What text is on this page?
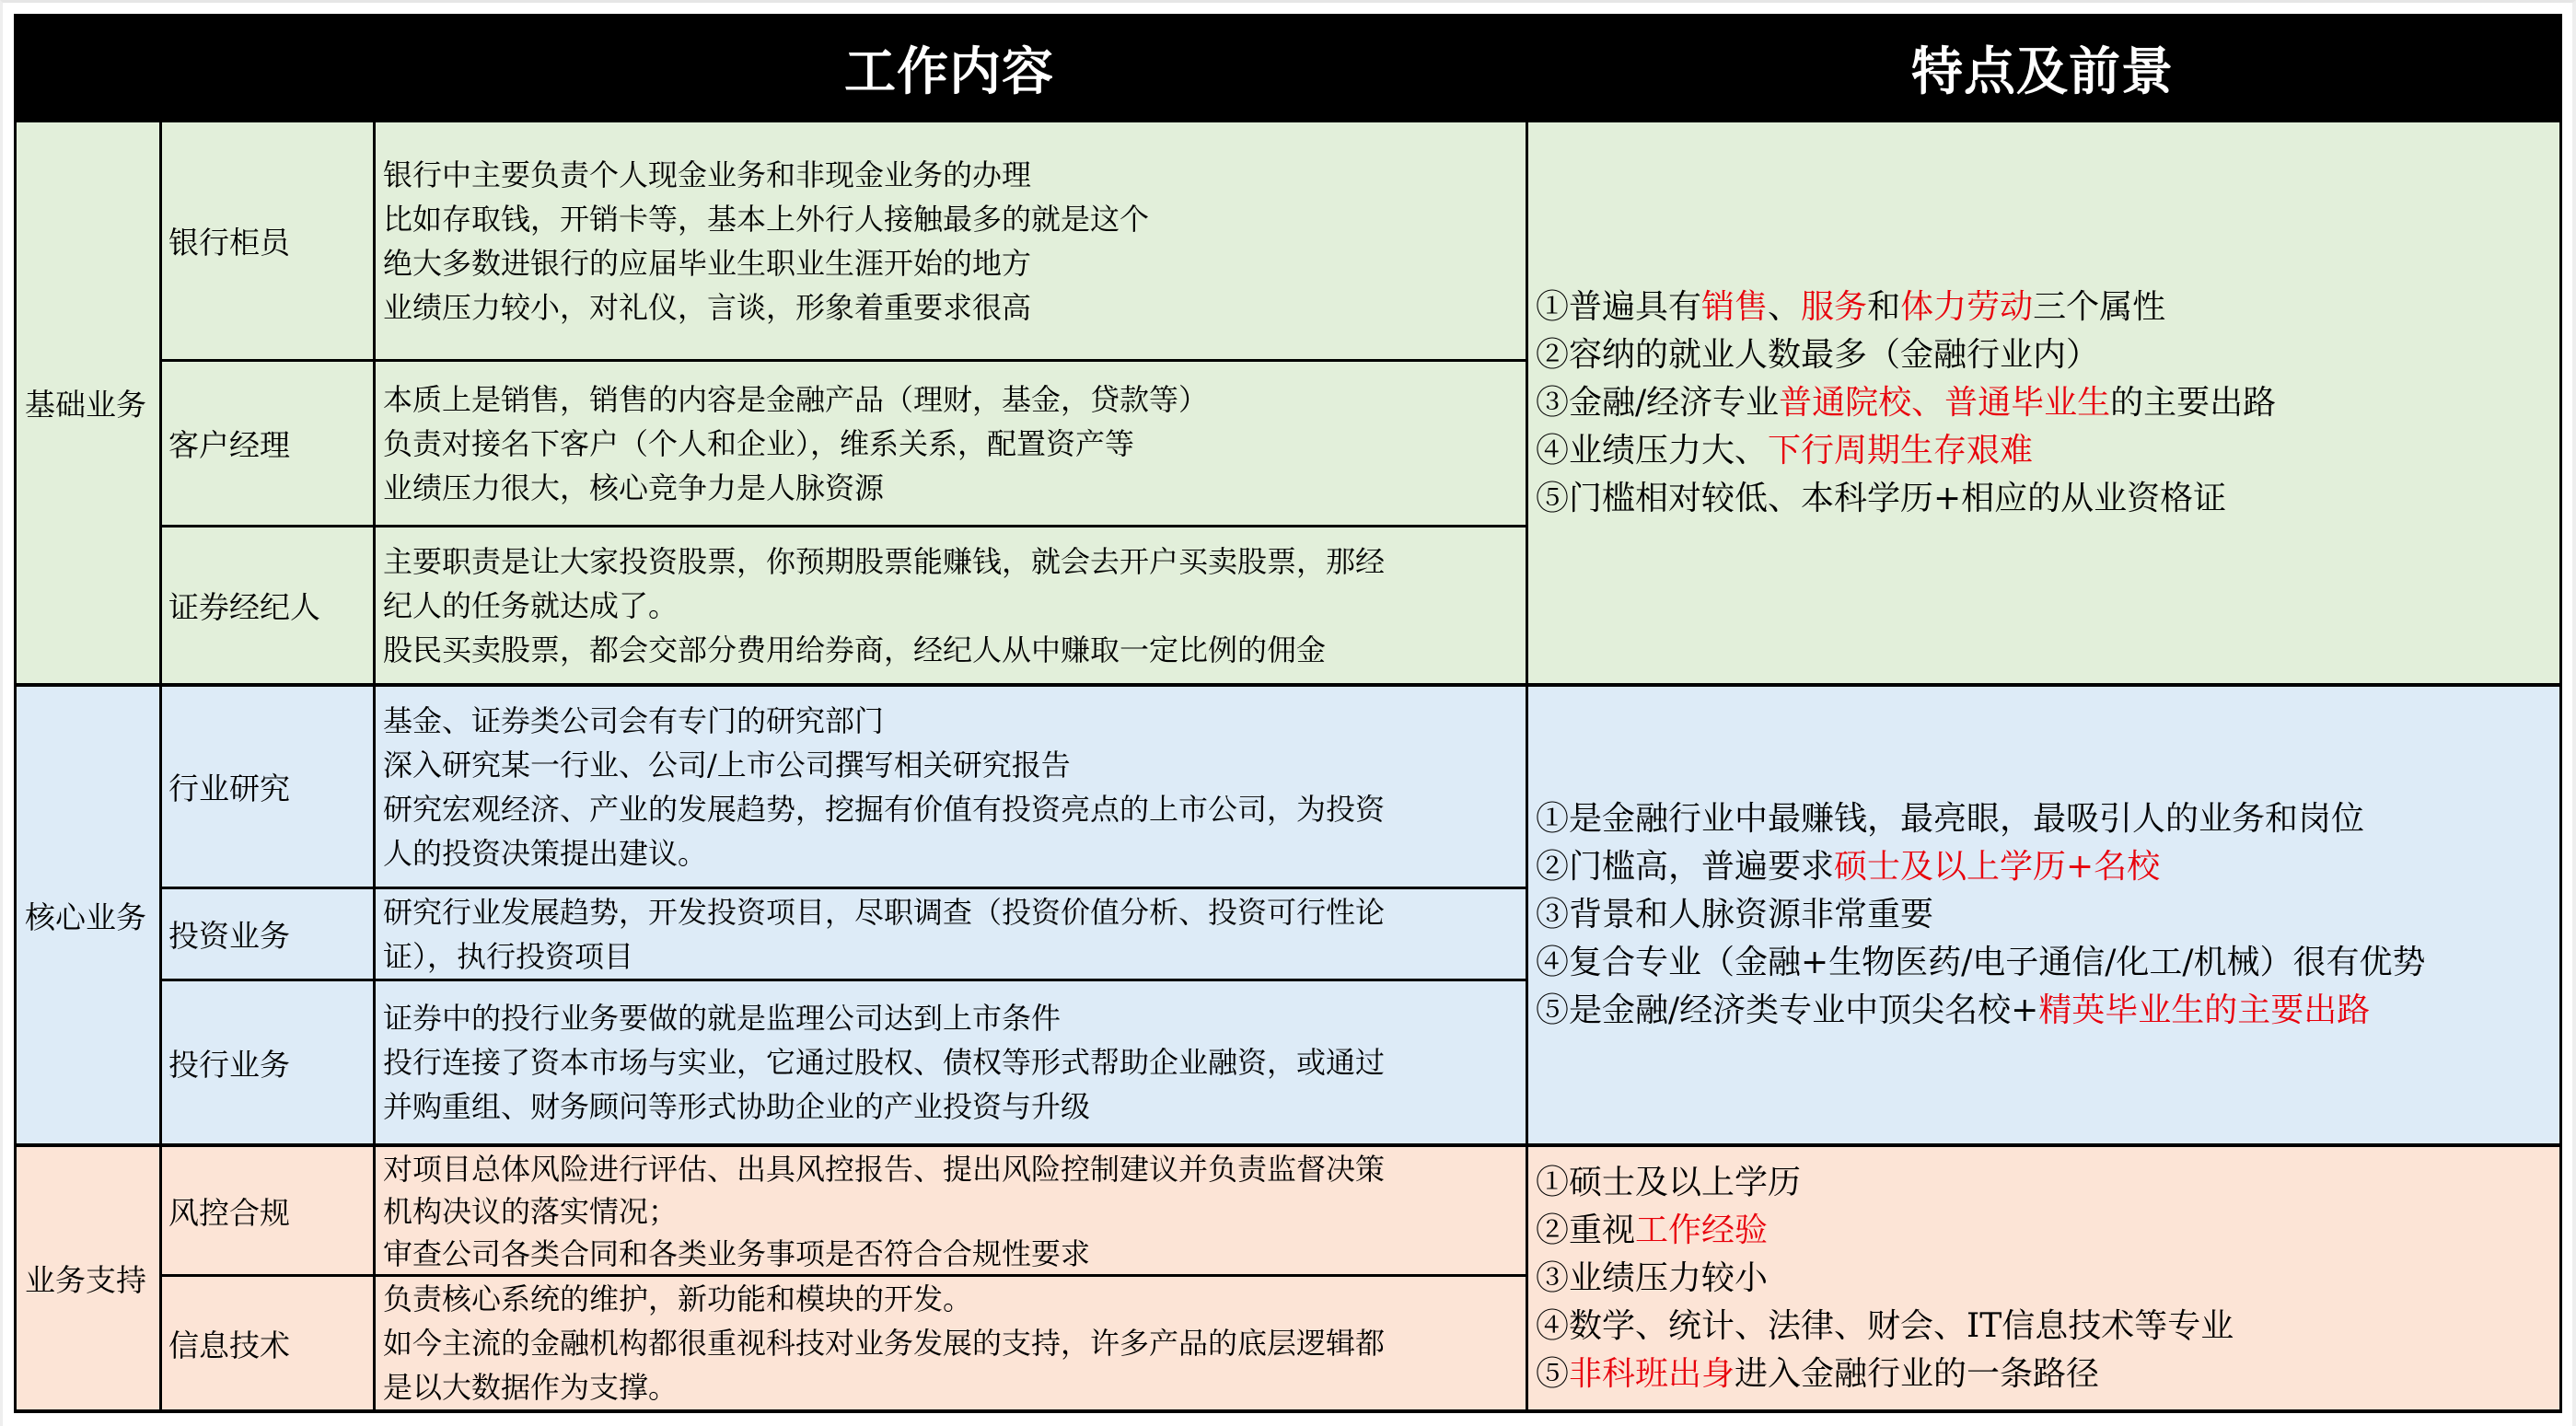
工作内容	特点及前景
基础业务
银行柜员
银行中主要负责个人现金业务和非现金业务的办理
比如存取钱，开销卡等，基本上外行人接触最多的就是这个
绝大多数进银行的应届毕业生职业生涯开始的地方
业绩压力较小，对礼仪，言谈，形象着重要求很高
客户经理
本质上是销售，销售的内容是金融产品（理财，基金，贷款等）
负责对接名下客户（个人和企业），维系关系，配置资产等
业绩压力很大，核心竞争力是人脉资源
证券经纪人
主要职责是让大家投资股票，你预期股票能赚钱，就会去开户买卖股票，那经
纪人的任务就达成了。
股民买卖股票，都会交部分费用给券商，经纪人从中赚取一定比例的佣金
①普遍具有销售、服务和体力劳动三个属性
②容纳的就业人数最多（金融行业内）
③金融/经济专业普通院校、普通毕业生的主要出路
④业绩压力大、下行周期生存艰难
⑤门槛相对较低、本科学历+相应的从业资格证
核心业务
行业研究
基金、证券类公司会有专门的研究部门
深入研究某一行业、公司/上市公司撰写相关研究报告
研究宏观经济、产业的发展趋势，挖掘有价值有投资亮点的上市公司，为投资
人的投资决策提出建议。
投资业务
研究行业发展趋势，开发投资项目，尽职调查（投资价值分析、投资可行性论
证），执行投资项目
投行业务
证券中的投行业务要做的就是监理公司达到上市条件
投行连接了资本市场与实业，它通过股权、债权等形式帮助企业融资，或通过
并购重组、财务顾问等形式协助企业的产业投资与升级
①是金融行业中最赚钱，最亮眼，最吸引人的业务和岗位
②门槛高，普遍要求硕士及以上学历+名校
③背景和人脉资源非常重要
④复合专业（金融+生物医药/电子通信/化工/机械）很有优势
⑤是金融/经济类专业中顶尖名校+精英毕业生的主要出路
业务支持
风控合规
对项目总体风险进行评估、出具风控报告、提出风险控制建议并负责监督决策
机构决议的落实情况；
审查公司各类合同和各类业务事项是否符合合规性要求
信息技术
负责核心系统的维护，新功能和模块的开发。
如今主流的金融机构都很重视科技对业务发展的支持，许多产品的底层逻辑都
是以大数据作为支撑。
①硕士及以上学历
②重视工作经验
③业绩压力较小
④数学、统计、法律、财会、IT信息技术等专业
⑤非科班出身进入金融行业的一条路径
